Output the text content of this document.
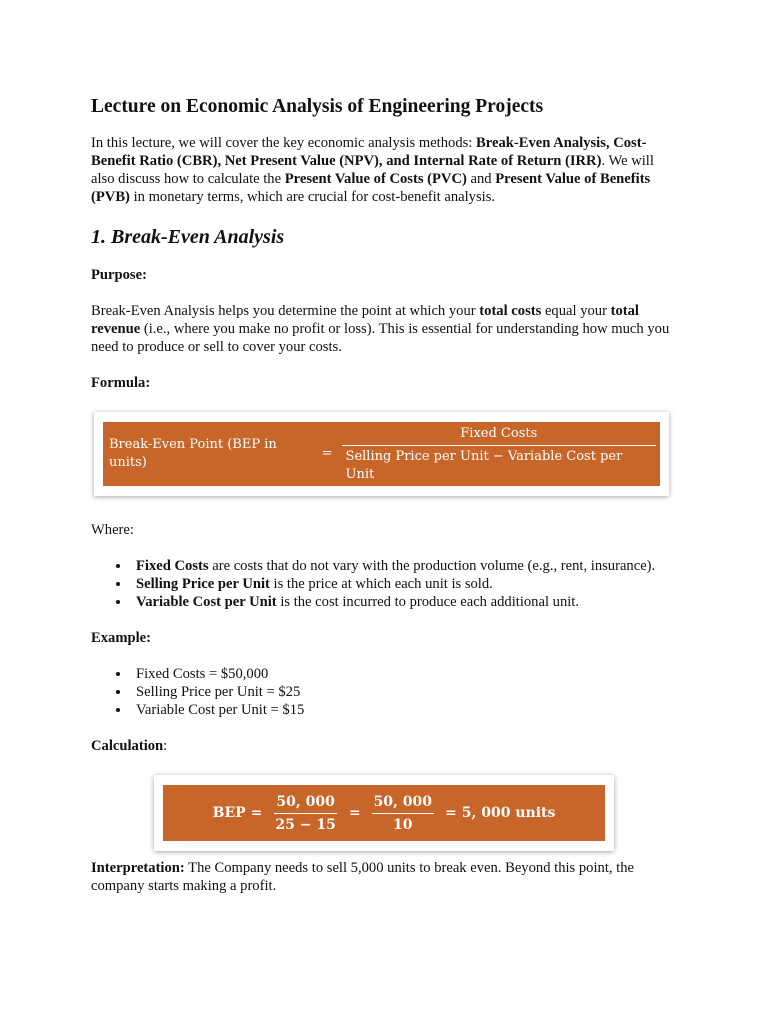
Lecture on Economic Analysis of Engineering Projects

In this lecture, we will cover the key economic analysis methods: Break-Even Analysis, Cost-Benefit Ratio (CBR), Net Present Value (NPV), and Internal Rate of Return (IRR). We will also discuss how to calculate the Present Value of Costs (PVC) and Present Value of Benefits (PVB) in monetary terms, which are crucial for cost-benefit analysis.

1. Break-Even Analysis

Purpose:

Break-Even Analysis helps you determine the point at which your total costs equal your total revenue (i.e., where you make no profit or loss). This is essential for understanding how much you need to produce or sell to cover your costs.

Formula:

Break-Even Point (BEP in units)
= $\frac{\text{Fixed Costs}}{\text{Selling Price per Unit − Variable Cost per Unit}}$

Where:

Fixed Costs are costs that do not vary with the production volume (e.g., rent, insurance).
Selling Price per Unit is the price at which each unit is sold.
Variable Cost per Unit is the cost incurred to produce each additional unit.

Example:

Fixed Costs = $50,000
Selling Price per Unit = $25
Variable Cost per Unit = $15

Calculation:

BEP = $\frac{50, 000}{25 - 15} = \frac{50, 000}{10} = 5$, 000 units

Interpretation: The Company needs to sell 5,000 units to break even. Beyond this point, the company starts making a profit.
